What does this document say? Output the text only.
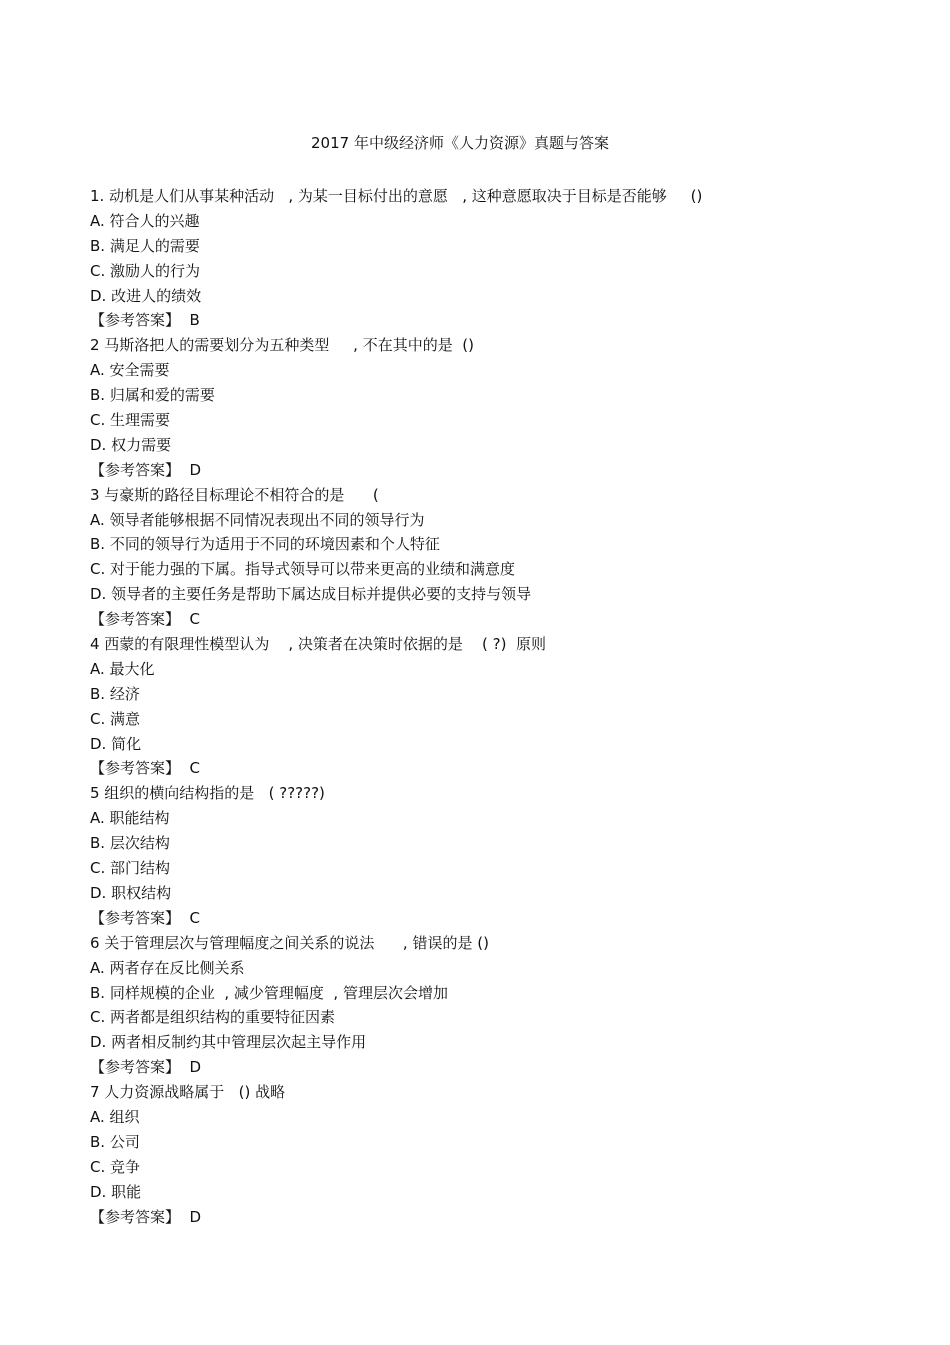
2017 年中级经济师《人力资源》真题与答案
1. 动机是人们从事某种活动   , 为某一目标付出的意愿   , 这种意愿取决于目标是否能够     ()
A. 符合人的兴趣
B. 满足人的需要
C. 激励人的行为
D. 改进人的绩效
【参考答案】  B
2 马斯洛把人的需要划分为五种类型     , 不在其中的是  ()
A. 安全需要
B. 归属和爱的需要
C. 生理需要
D. 权力需要
【参考答案】  D
3 与豪斯的路径目标理论不相符合的是      (
A. 领导者能够根据不同情况表现出不同的领导行为
B. 不同的领导行为适用于不同的环境因素和个人特征
C. 对于能力强的下属。指导式领导可以带来更高的业绩和满意度
D. 领导者的主要任务是帮助下属达成目标并提供必要的支持与领导
【参考答案】  C
4 西蒙的有限理性模型认为    , 决策者在决策时依据的是    ( ?)  原则
A. 最大化
B. 经济
C. 满意
D. 简化
【参考答案】  C
5 组织的横向结构指的是   ( ?????)
A. 职能结构
B. 层次结构
C. 部门结构
D. 职权结构
【参考答案】  C
6 关于管理层次与管理幅度之间关系的说法      , 错误的是 ()
A. 两者存在反比侧关系
B. 同样规模的企业  , 减少管理幅度  , 管理层次会增加
C. 两者都是组织结构的重要特征因素
D. 两者相反制约其中管理层次起主导作用
【参考答案】  D
7 人力资源战略属于   () 战略
A. 组织
B. 公司
C. 竞争
D. 职能
【参考答案】  D
